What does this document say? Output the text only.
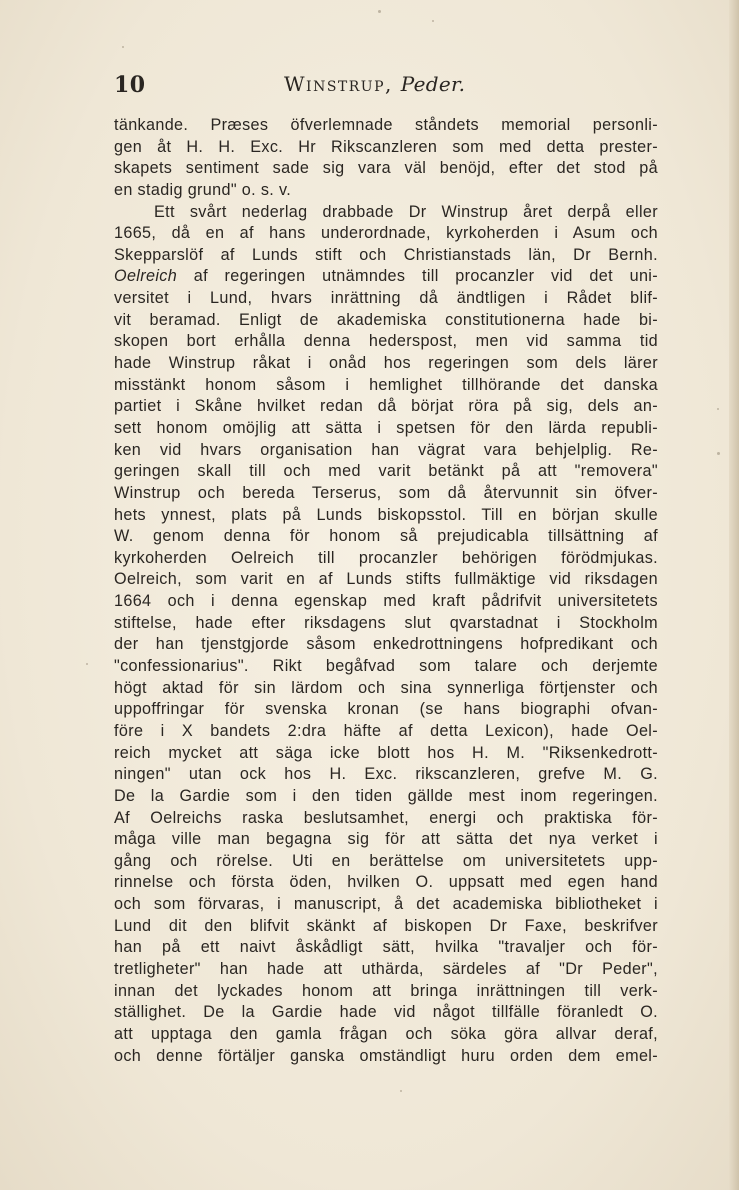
10	Winstrup, Peder.
tänkande. Præses öfverlemnade ståndets memorial personli-
gen åt H. H. Exc. Hr Rikscanzleren som med detta prester-
skapets sentiment sade sig vara väl benöjd, efter det stod på
en stadig grund" o. s. v.
Ett svårt nederlag drabbade Dr Winstrup året derpå eller
1665, då en af hans underordnade, kyrkoherden i Asum och
Skepparslöf af Lunds stift och Christianstads län, Dr Bernh.
Oelreich af regeringen utnämndes till procanzler vid det uni-
versitet i Lund, hvars inrättning då ändtligen i Rådet blif-
vit beramad. Enligt de akademiska constitutionerna hade bi-
skopen bort erhålla denna hederspost, men vid samma tid
hade Winstrup råkat i onåd hos regeringen som dels lärer
misstänkt honom såsom i hemlighet tillhörande det danska
partiet i Skåne hvilket redan då börjat röra på sig, dels an-
sett honom omöjlig att sätta i spetsen för den lärda republi-
ken vid hvars organisation han vägrat vara behjelplig. Re-
geringen skall till och med varit betänkt på att "removera"
Winstrup och bereda Terserus, som då återvunnit sin öfver-
hets ynnest, plats på Lunds biskopsstol. Till en början skulle
W. genom denna för honom så prejudicabla tillsättning af
kyrkoherden Oelreich till procanzler behörigen förödmjukas.
Oelreich, som varit en af Lunds stifts fullmäktige vid riksdagen
1664 och i denna egenskap med kraft pådrifvit universitetets
stiftelse, hade efter riksdagens slut qvarstadnat i Stockholm
der han tjenstgjorde såsom enkedrottningens hofpredikant och
"confessionarius". Rikt begåfvad som talare och derjemte
högt aktad för sin lärdom och sina synnerliga förtjenster och
uppoffringar för svenska kronan (se hans biographi ofvan-
före i X bandets 2:dra häfte af detta Lexicon), hade Oel-
reich mycket att säga icke blott hos H. M. "Riksenkedrott-
ningen" utan ock hos H. Exc. rikscanzleren, grefve M. G.
De la Gardie som i den tiden gällde mest inom regeringen.
Af Oelreichs raska beslutsamhet, energi och praktiska för-
måga ville man begagna sig för att sätta det nya verket i
gång och rörelse. Uti en berättelse om universitetets upp-
rinnelse och första öden, hvilken O. uppsatt med egen hand
och som förvaras, i manuscript, å det academiska bibliotheket i
Lund dit den blifvit skänkt af biskopen Dr Faxe, beskrifver
han på ett naivt åskådligt sätt, hvilka "travaljer och för-
tretligheter" han hade att uthärda, särdeles af "Dr Peder",
innan det lyckades honom att bringa inrättningen till verk-
ställighet. De la Gardie hade vid något tillfälle föranledt O.
att upptaga den gamla frågan och söka göra allvar deraf,
och denne förtäljer ganska omständligt huru orden dem emel-
